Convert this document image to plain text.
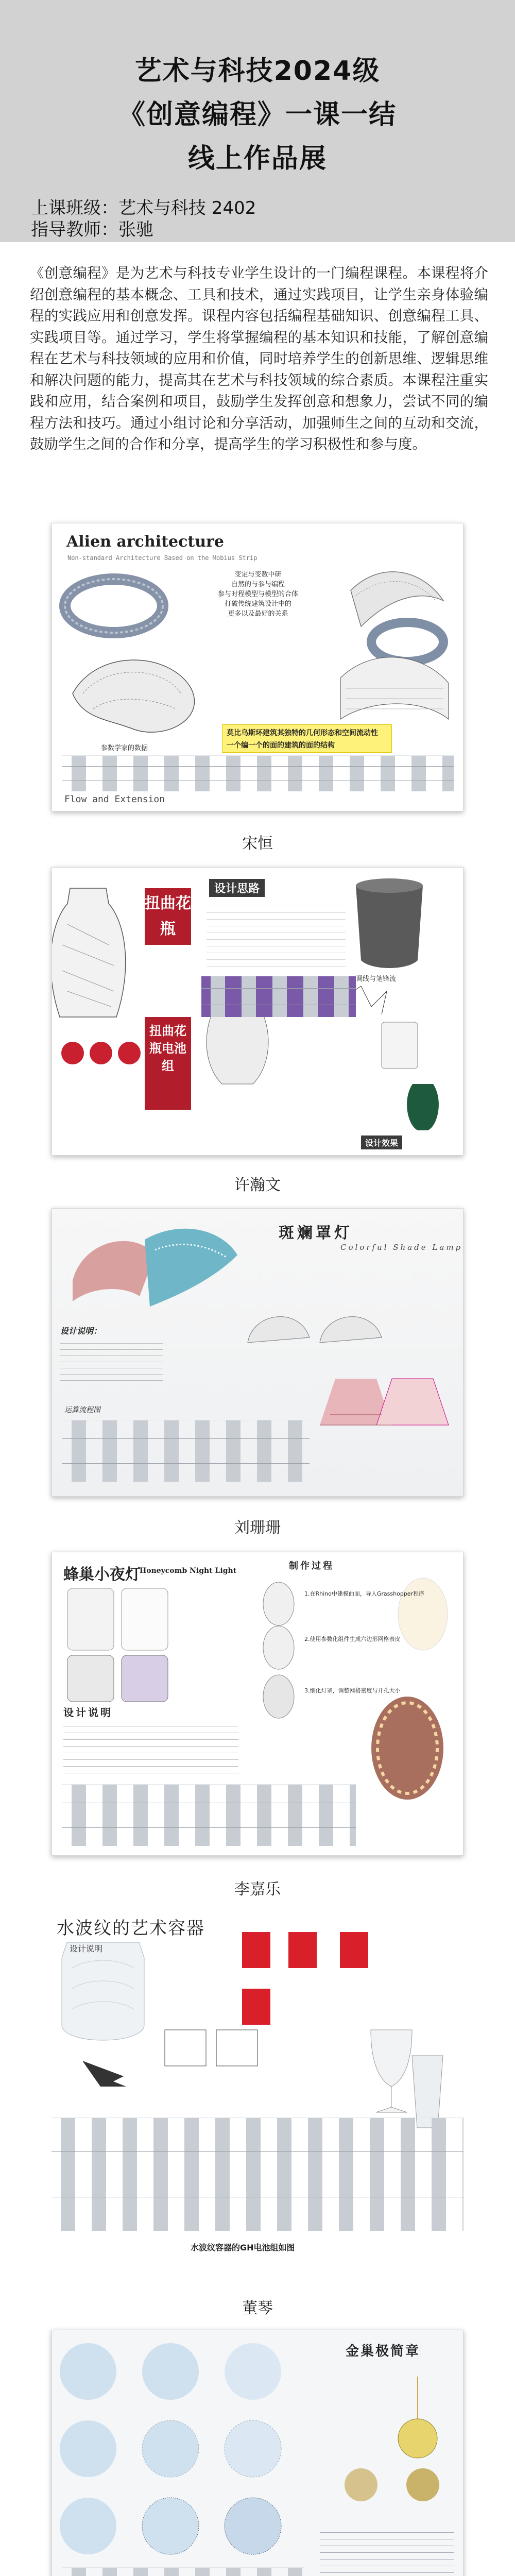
艺术与科技2024级
《创意编程》一课一结
线上作品展
上课班级：艺术与科技 2402
指导教师：张驰
《创意编程》是为艺术与科技专业学生设计的一门编程课程。本课程将介绍创意编程的基本概念、工具和技术，通过实践项目，让学生亲身体验编程的实践应用和创意发挥。课程内容包括编程基础知识、创意编程工具、实践项目等。通过学习，学生将掌握编程的基本知识和技能，了解创意编程在艺术与科技领域的应用和价值，同时培养学生的创新思维、逻辑思维和解决问题的能力，提高其在艺术与科技领域的综合素质。本课程注重实践和应用，结合案例和项目，鼓励学生发挥创意和想象力，尝试不同的编程方法和技巧。通过小组讨论和分享活动，加强师生之间的互动和交流，鼓励学生之间的合作和分享，提高学生的学习积极性和参与度。
Alien architecture
Non-standard Architecture Based on the Mobius Strip
变定与变数中研
自然的与参与编程
参与时程模型与模型的合体
打破传统建筑设计中的
更多以及最好的关系
莫比乌斯环建筑其独特的几何形态和空间流动性
一个编一个的面的建筑的面的结构
参数学家的数据
Flow and Extension
宋恒
扭曲花瓶
扭曲花瓶电池组
设计思路
调线与笔锋流
设计效果
许瀚文
斑斓罩灯
Colorful Shade Lamp
设计说明：
运算流程图
刘珊珊
蜂巢小夜灯
Honeycomb Night Light	制作过程
1.在Rhino中建模曲面，导入Grasshopper程序
2.使用参数化组件生成六边形网格表皮
3.细化灯罩，调整网格密度与开孔大小
设计说明
李嘉乐
水波纹的艺术容器
设计说明
水波纹容器的GH电池组如图
董琴
金巢极简章
